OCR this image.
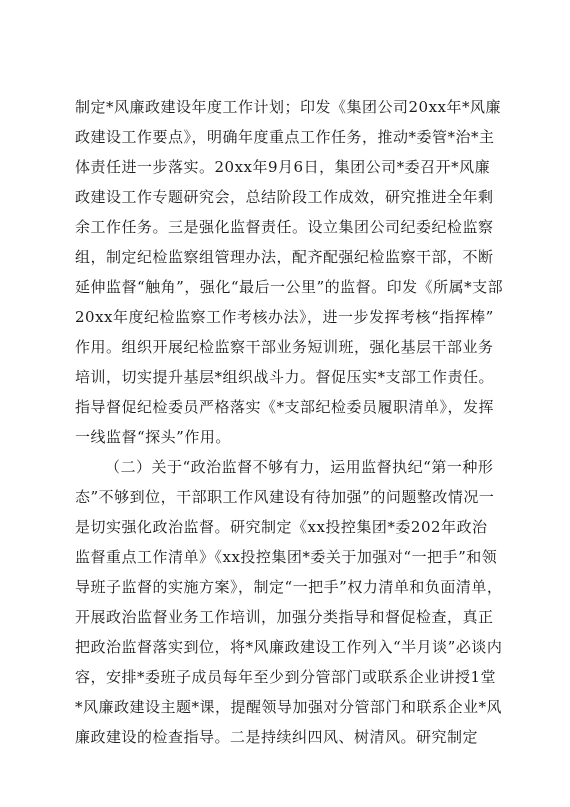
制定*风廉政建设年度工作计划；印发《集团公司20xx年*风廉
政建设工作要点》，明确年度重点工作任务，推动*委管*治*主
体责任进一步落实。20xx年9月6日，集团公司*委召开*风廉
政建设工作专题研究会，总结阶段工作成效，研究推进全年剩
余工作任务。三是强化监督责任。设立集团公司纪委纪检监察
组，制定纪检监察组管理办法，配齐配强纪检监察干部，不断
延伸监督“触角”，强化“最后一公里”的监督。印发《所属*支部
20xx年度纪检监察工作考核办法》，进一步发挥考核“指挥棒”
作用。组织开展纪检监察干部业务短训班，强化基层干部业务
培训，切实提升基层*组织战斗力。督促压实*支部工作责任。
指导督促纪检委员严格落实《*支部纪检委员履职清单》，发挥
一线监督“探头”作用。
（二）关于“政治监督不够有力，运用监督执纪“第一种形
态”不够到位，干部职工作风建设有待加强”的问题整改情况一
是切实强化政治监督。研究制定《xx投控集团*委202年政治
监督重点工作清单》《xx投控集团*委关于加强对“一把手”和领
导班子监督的实施方案》，制定“一把手”权力清单和负面清单，
开展政治监督业务工作培训，加强分类指导和督促检查，真正
把政治监督落实到位，将*风廉政建设工作列入“半月谈”必谈内
容，安排*委班子成员每年至少到分管部门或联系企业讲授1堂
*风廉政建设主题*课，提醒领导加强对分管部门和联系企业*风
廉政建设的检查指导。二是持续纠四风、树清风。研究制定
